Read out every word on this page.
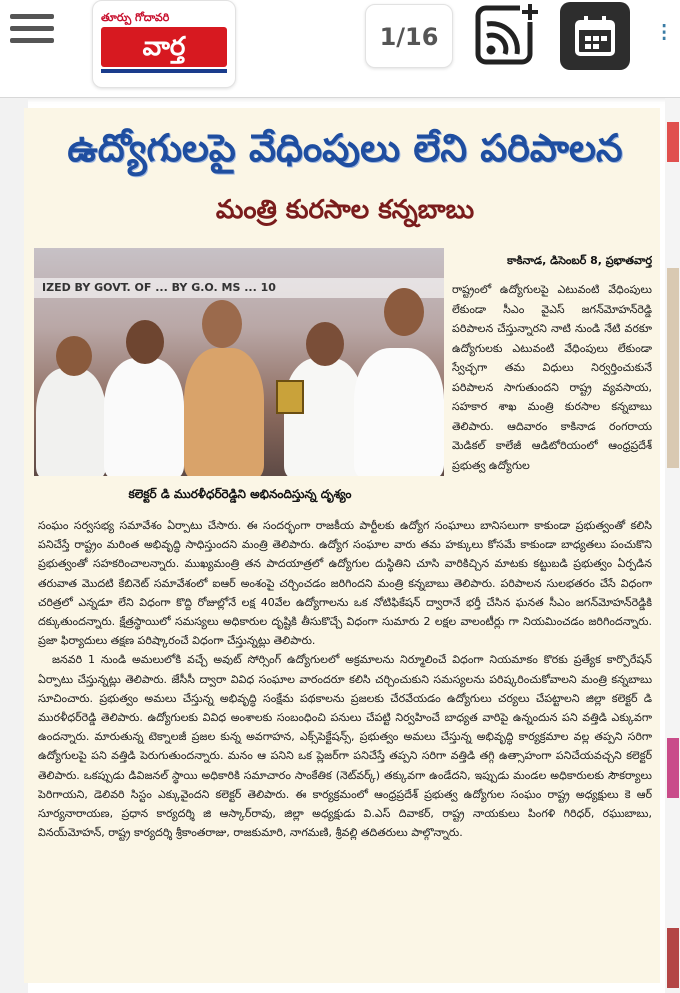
తూర్పు గోదావరి
వార్త	1/16	⁝
ఉద్యోగులపై వేధింపులు లేని పరిపాలన
మంత్రి కురసాల కన్నబాబు
IZED BY GOVT. OF ... BY G.O. MS ... 10
కలెక్టర్ డి మురళీధర్‌రెడ్డిని అభినందిస్తున్న దృశ్యం
కాకినాడ, డిసెంబర్ 8, ప్రభాతవార్త
రాష్ట్రంలో ఉద్యోగులపై ఎటువంటి వేధింపులు లేకుండా సీఎం వైఎస్ జగన్‌మోహన్‌రెడ్డి పరిపాలన చేస్తున్నారని నాటి నుండి నేటి వరకూ ఉద్యోగులకు ఎటువంటి వేధింపులు లేకుండా స్వేచ్ఛగా తమ విధులు నిర్వర్తించుకునే పరిపాలన సాగుతుందని రాష్ట్ర వ్యవసాయ, సహకార శాఖ మంత్రి కురసాల కన్నబాబు తెలిపారు. ఆదివారం కాకినాడ రంగరాయ మెడికల్ కాలేజీ ఆడిటోరియంలో ఆంధ్రప్రదేశ్ ప్రభుత్వ ఉద్యోగుల

సంఘం సర్వసభ్య సమావేశం ఏర్పాటు చేసారు. ఈ సందర్భంగా రాజకీయ పార్టీలకు ఉద్యోగ సంఘాలు బానిసలుగా కాకుండా ప్రభుత్వంతో కలిసి పనిచేస్తే రాష్ట్రం మరింత అభివృద్ధి సాధిస్తుందని మంత్రి తెలిపారు. ఉద్యోగ సంఘాల వారు తమ హక్కులు కోసమే కాకుండా బాధ్యతలు పంచుకొని ప్రభుత్వంతో సహకరించాలన్నారు. ముఖ్యమంత్రి తన పాదయాత్రలో ఉద్యోగుల దుస్థితిని చూసి వారికిచ్చిన మాటకు కట్టుబడి ప్రభుత్వం ఏర్పడిన తరువాత మొదటి కేబినెట్ సమావేశంలో ఐఆర్ అంశంపై చర్చించడం జరిగిందని మంత్రి కన్నబాబు తెలిపారు. పరిపాలన సులభతరం చేసే విధంగా చరిత్రలో ఎన్నడూ లేని విధంగా కొద్ది రోజుల్లోనే లక్ష 40వేల ఉద్యోగాలను ఒక నోటిఫికేషన్ ద్వారానే భర్తీ చేసిన ఘనత సీఎం జగన్‌మోహన్‌రెడ్డికి దక్కుతుందన్నారు. క్షేత్రస్థాయిలో సమస్యలు అధికారుల దృష్టికి తీసుకొచ్చే విధంగా సుమారు 2 లక్షల వాలంటీర్లు గా నియమించడం జరిగిందన్నారు. ప్రజా ఫిర్యాదులు తక్షణ పరిష్కారంచే విధంగా చేస్తున్నట్లు తెలిపారు.

జనవరి 1 నుండి అమలులోకి వచ్చే అవుట్ సోర్సింగ్ ఉద్యోగులలో అక్రమాలను నిర్మూలించే విధంగా నియమాకం కొరకు ప్రత్యేక కార్పొరేషన్ ఏర్పాటు చేస్తున్నట్లు తెలిపారు. జేసీసీ ద్వారా వివిధ సంఘాల వారందరూ కలిసి చర్చించుకుని సమస్యలను పరిష్కరించుకోవాలని మంత్రి కన్నబాబు సూచించారు. ప్రభుత్వం అమలు చేస్తున్న అభివృద్ధి సంక్షేమ పథకాలను ప్రజలకు చేరవేయడం ఉద్యోగులు చర్యలు చేపట్టాలని జిల్లా కలెక్టర్ డి మురళీధర్‌రెడ్డి తెలిపారు. ఉద్యోగులకు వివిధ అంశాలకు సంబంధించి పనులు చేపట్టి నిర్వహించే బాధ్యత వారిపై ఉన్నందున పని వత్తిడి ఎక్కువగా ఉందన్నారు. మారుతున్న టెక్నాలజీ ప్రజల కున్న అవగాహన, ఎక్స్‌పెక్టేషన్స్, ప్రభుత్వం అమలు చేస్తున్న అభివృద్ధి కార్యక్రమాల వల్ల తప్పని సరిగా ఉద్యోగులపై పని వత్తిడి పెరుగుతుందన్నారు. మనం ఆ పనిని ఒక ప్లెజర్‌గా పనిచేస్తే తప్పని సరిగా వత్తిడి తగ్గి ఉత్సాహంగా పనిచేయవచ్చని కలెక్టర్ తెలిపారు. ఒకప్పుడు డివిజనల్ స్థాయి అధికారికి సమాచారం సాంకేతిక (నెట్‌వర్క్) తక్కువగా ఉండేదని, ఇప్పుడు మండల అధికారులకు సౌకర్యాలు పెరిగాయని, డెలివరి సిస్టం ఎక్కువైందని కలెక్టర్ తెలిపారు. ఈ కార్యక్రమంలో ఆంధ్రప్రదేశ్ ప్రభుత్వ ఉద్యోగుల సంఘం రాష్ట్ర అధ్యక్షులు కె ఆర్ సూర్యనారాయణ, ప్రధాన కార్యదర్శి జి ఆస్కార్‌రావు, జిల్లా అధ్యక్షుడు వి.ఎస్ దివాకర్, రాష్ట్ర నాయకులు పింగళి గిరిధర్, రఘుబాబు, వినయ్‌మోహన్, రాష్ట్ర కార్యదర్శి శ్రీకాంతరాజు, రాజకుమారి, నాగమణి, శ్రీవల్లి తదితరులు పాల్గొన్నారు.
